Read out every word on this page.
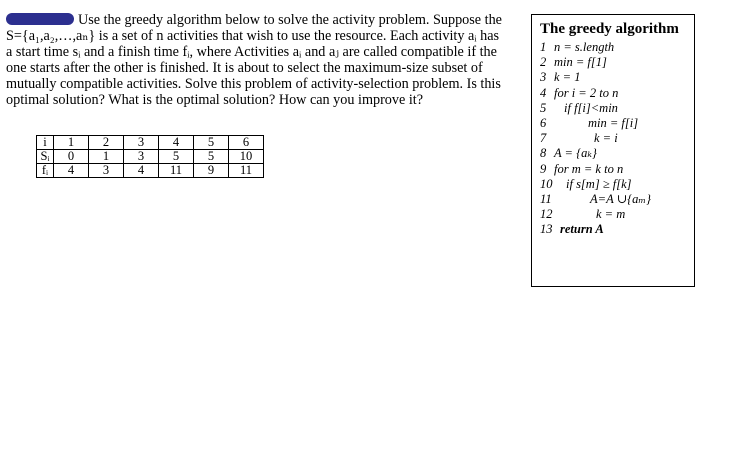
Use the greedy algorithm below to solve the activity problem. Suppose the
S={a₁,a₂,…,aₙ} is a set of n activities that wish to use the resource. Each activity aᵢ has
a start time sᵢ and a finish time fᵢ, where Activities aᵢ and aⱼ are called compatible if the
one starts after the other is finished. It is about to select the maximum-size subset of
mutually compatible activities. Solve this problem of activity-selection problem. Is this
optimal solution? What is the optimal solution? How can you improve it?
i	1	2	3	4	5	6
Sᵢ	0	1	3	5	5	10
fᵢ	4	3	4	11	9	11
The greedy algorithm
1 n = s.length
2 min = f[1]
3 k = 1
4 for i = 2 to n
5	if f[i]<min
6	min = f[i]
7	k = i
8 A = {aₖ}
9 for m = k to n
10	if s[m] ≥ f[k]
11	A=A ∪{aₘ}
12	k = m
13 return A
